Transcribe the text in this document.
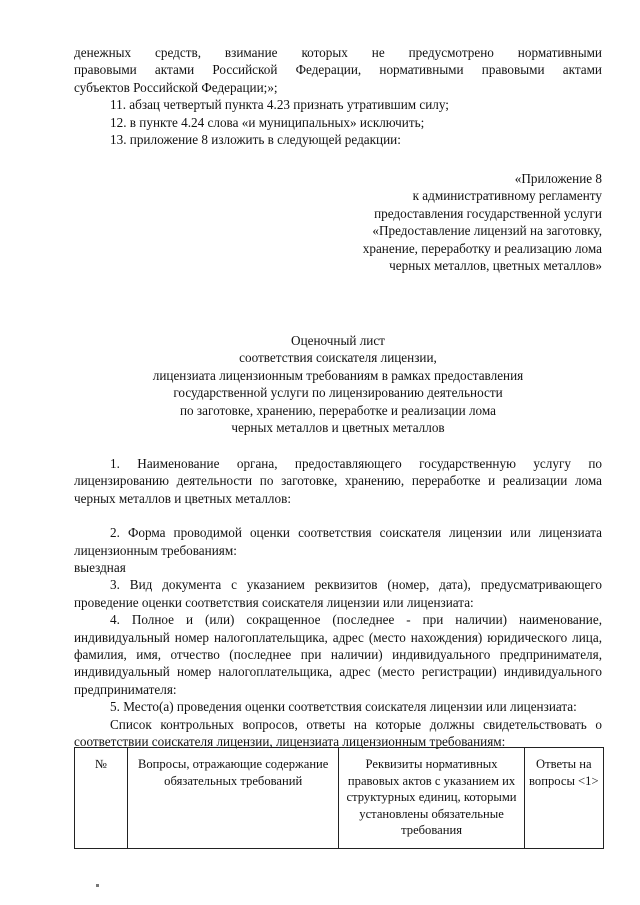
денежных средств, взимание которых не предусмотрено нормативными

правовыми актами Российской Федерации, нормативными правовыми актами

субъектов Российской Федерации;»;

11. абзац четвертый пункта 4.23 признать утратившим силу;

12. в пункте 4.24 слова «и муниципальных» исключить;

13. приложение 8 изложить в следующей редакции:

«Приложение 8
к административному регламенту
предоставления государственной услуги
«Предоставление лицензий на заготовку,
хранение, переработку и реализацию лома
черных металлов, цветных металлов»
Оценочный лист
соответствия соискателя лицензии,
лицензиата лицензионным требованиям в рамках предоставления
государственной услуги по лицензированию деятельности
по заготовке, хранению, переработке и реализации лома
черных металлов и цветных металлов

1. Наименование органа, предоставляющего государственную услугу по лицензированию деятельности по заготовке, хранению, переработке и реализации лома черных металлов и цветных металлов:

2. Форма проводимой оценки соответствия соискателя лицензии или лицензиата лицензионным требованиям:

выездная

3. Вид документа с указанием реквизитов (номер, дата), предусматривающего проведение оценки соответствия соискателя лицензии или лицензиата:

4. Полное и (или) сокращенное (последнее - при наличии) наименование, индивидуальный номер налогоплательщика, адрес (место нахождения) юридического лица, фамилия, имя, отчество (последнее при наличии) индивидуального предпринимателя, индивидуальный номер налогоплательщика, адрес (место регистрации) индивидуального предпринимателя:

5. Место(а) проведения оценки соответствия соискателя лицензии или лицензиата:

Список контрольных вопросов, ответы на которые должны свидетельствовать о соответствии соискателя лицензии, лицензиата лицензионным требованиям:

№	Вопросы, отражающие содержание обязательных требований	Реквизиты нормативных правовых актов с указанием их структурных единиц, которыми установлены обязательные требования	Ответы на вопросы <1>
